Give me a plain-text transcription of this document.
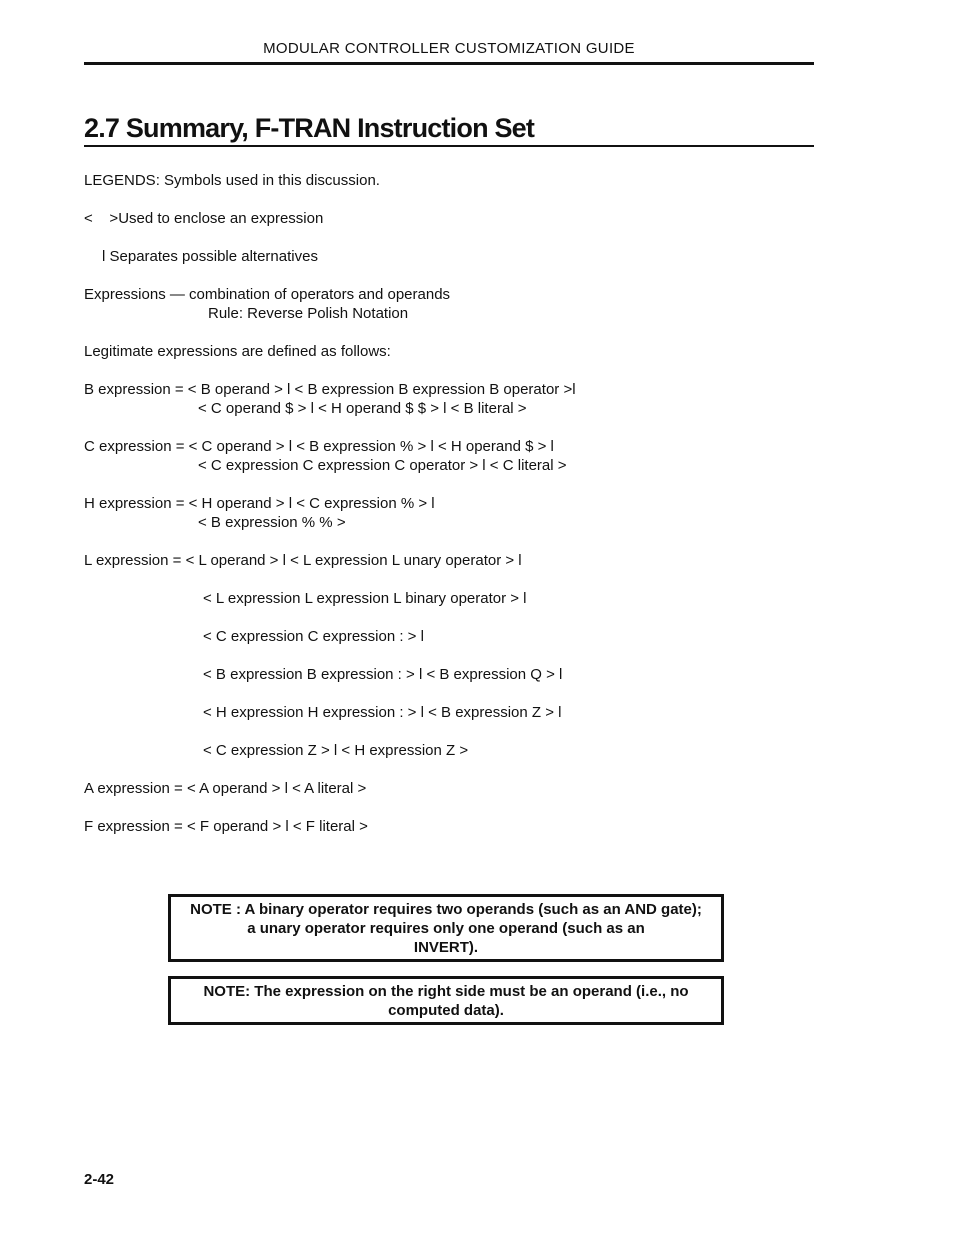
MODULAR CONTROLLER CUSTOMIZATION GUIDE
2.7 Summary, F-TRAN Instruction Set
LEGENDS: Symbols used in this discussion.
<    >Used to enclose an expression
l Separates possible alternatives
Expressions — combination of operators and operands
Rule: Reverse Polish Notation
Legitimate expressions are defined as follows:
B expression = < B operand > l < B expression B expression B operator >l
< C operand $ > l < H operand $ $ > l < B literal >
C expression = < C operand > l < B expression % > l < H operand $ > l
< C expression C expression C operator > l < C literal >
H expression = < H operand > l < C expression % > l
< B expression % % >
L expression = < L operand > l < L expression L unary operator > l
< L expression L expression L binary operator > l
< C expression C expression : > l
< B expression B expression : > l < B expression Q > l
< H expression H expression : > l < B expression Z > l
< C expression Z > l < H expression Z >
A expression = < A operand > l < A literal >
F expression = < F operand > l < F literal >

NOTE : A binary operator requires two operands (such as an AND gate);

a unary operator requires only one operand (such as an

INVERT).

NOTE: The expression on the right side must be an operand (i.e., no

computed data).

2-42
